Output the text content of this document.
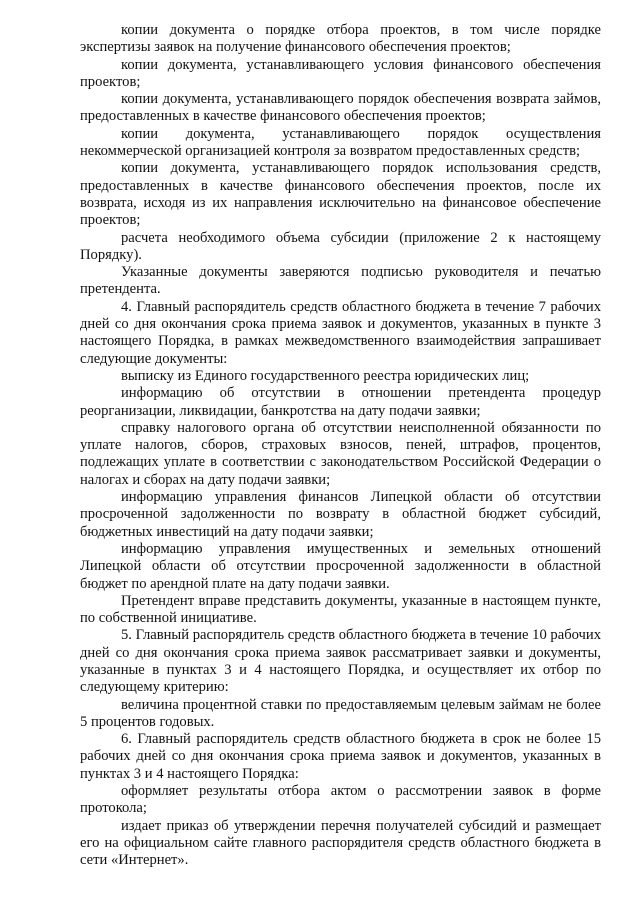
копии документа о порядке отбора проектов, в том числе порядке экспертизы заявок на получение финансового обеспечения проектов;

копии документа, устанавливающего условия финансового обеспечения проектов;

копии документа, устанавливающего порядок обеспечения возврата займов, предоставленных в качестве финансового обеспечения проектов;

копии документа, устанавливающего порядок осуществления некоммерческой организацией контроля за возвратом предоставленных средств;

копии документа, устанавливающего порядок использования средств, предоставленных в качестве финансового обеспечения проектов, после их возврата, исходя из их направления исключительно на финансовое обеспечение проектов;

расчета необходимого объема субсидии (приложение 2 к настоящему Порядку).

Указанные документы заверяются подписью руководителя и печатью претендента.

4. Главный распорядитель средств областного бюджета в течение 7 рабочих дней со дня окончания срока приема заявок и документов, указанных в пункте 3 настоящего Порядка, в рамках межведомственного взаимодействия запрашивает следующие документы:

выписку из Единого государственного реестра юридических лиц;

информацию об отсутствии в отношении претендента процедур реорганизации, ликвидации, банкротства на дату подачи заявки;

справку налогового органа об отсутствии неисполненной обязанности по уплате налогов, сборов, страховых взносов, пеней, штрафов, процентов, подлежащих уплате в соответствии с законодательством Российской Федерации о налогах и сборах на дату подачи заявки;

информацию управления финансов Липецкой области об отсутствии просроченной задолженности по возврату в областной бюджет субсидий, бюджетных инвестиций на дату подачи заявки;

информацию управления имущественных и земельных отношений Липецкой области об отсутствии просроченной задолженности в областной бюджет по арендной плате на дату подачи заявки.

Претендент вправе представить документы, указанные в настоящем пункте, по собственной инициативе.

5. Главный распорядитель средств областного бюджета в течение 10 рабочих дней со дня окончания срока приема заявок рассматривает заявки и документы, указанные в пунктах 3 и 4 настоящего Порядка, и осуществляет их отбор по следующему критерию:

величина процентной ставки по предоставляемым целевым займам не более 5 процентов годовых.

6. Главный распорядитель средств областного бюджета в срок не более 15 рабочих дней со дня окончания срока приема заявок и документов, указанных в пунктах 3 и 4 настоящего Порядка:

оформляет результаты отбора актом о рассмотрении заявок в форме протокола;

издает приказ об утверждении перечня получателей субсидий и размещает его на официальном сайте главного распорядителя средств областного бюджета в сети «Интернет».
